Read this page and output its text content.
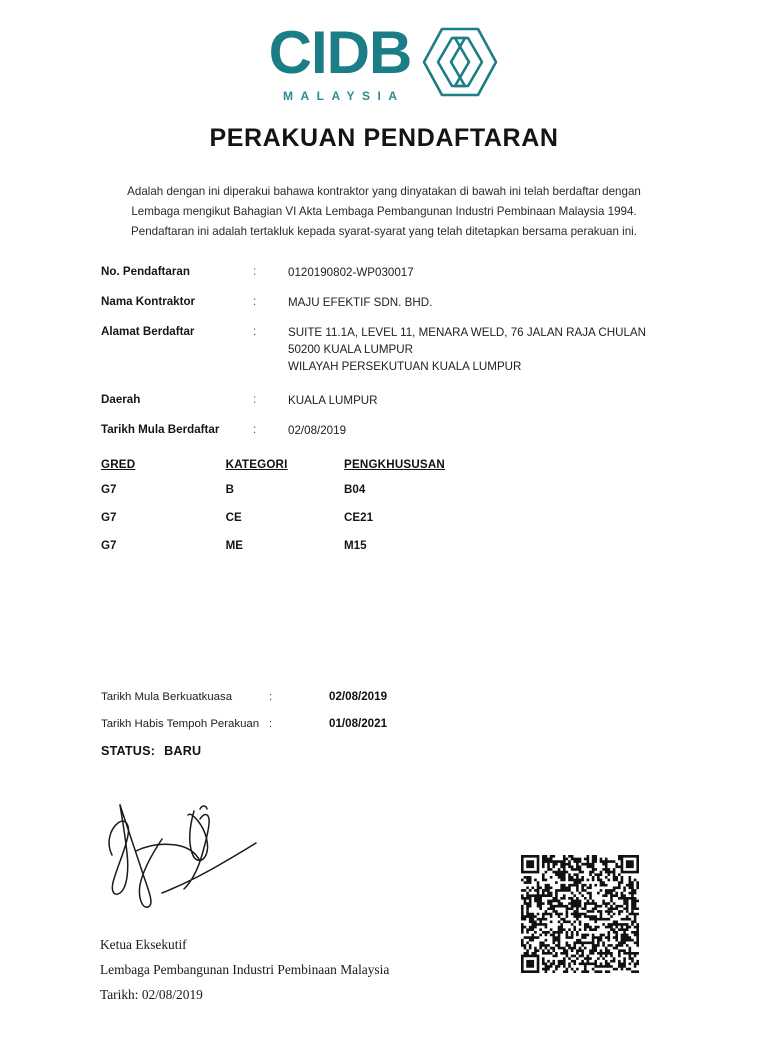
CIDB
MALAYSIA
PERAKUAN PENDAFTARAN
Adalah dengan ini diperakui bahawa kontraktor yang dinyatakan di bawah ini telah berdaftar dengan
Lembaga mengikut Bahagian VI Akta Lembaga Pembangunan Industri Pembinaan Malaysia 1994.
Pendaftaran ini adalah tertakluk kepada syarat-syarat yang telah ditetapkan bersama perakuan ini.
No. Pendaftaran	:	0120190802-WP030017
Nama Kontraktor	:	MAJU EFEKTIF SDN. BHD.
Alamat Berdaftar	:	SUITE 11.1A, LEVEL 11, MENARA WELD, 76 JALAN RAJA CHULAN
50200 KUALA LUMPUR
WILAYAH PERSEKUTUAN KUALA LUMPUR
Daerah	:	KUALA LUMPUR
Tarikh Mula Berdaftar	:	02/08/2019
GRED	KATEGORI	PENGKHUSUSAN
G7	B	B04
G7	CE	CE21
G7	ME	M15
Tarikh Mula Berkuatkuasa	:	02/08/2019
Tarikh Habis Tempoh Perakuan :	01/08/2021
STATUS: BARU
Ketua Eksekutif
Lembaga Pembangunan Industri Pembinaan Malaysia
Tarikh: 02/08/2019
